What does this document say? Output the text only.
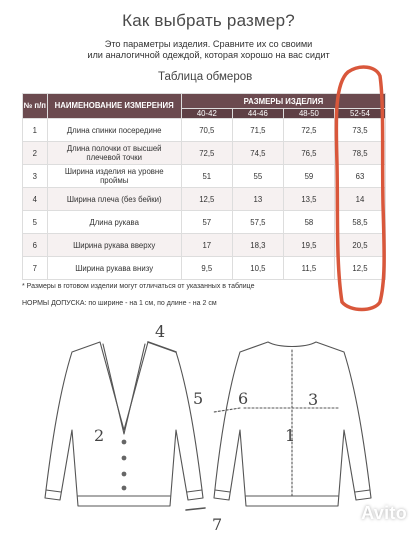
Как выбрать размер?
Это параметры изделия. Сравните их со своими
или аналогичной одеждой, которая хорошо на вас сидит
Таблица обмеров
№ п/п	НАИМЕНОВАНИЕ ИЗМЕРЕНИЯ	РАЗМЕРЫ ИЗДЕЛИЯ			
		40-42	44-46	48-50	52-54
1	Длина спинки посередине	70,5	71,5	72,5	73,5
2	Длина полочки от высшей плечевой точки	72,5	74,5	76,5	78,5
3	Ширина изделия на уровне проймы	51	55	59	63
4	Ширина плеча (без бейки)	12,5	13	13,5	14
5	Длина рукава	57	57,5	58	58,5
6	Ширина рукава вверху	17	18,3	19,5	20,5
7	Ширина рукава внизу	9,5	10,5	11,5	12,5
* Размеры в готовом изделии могут отличаться от указанных в таблице
НОРМЫ ДОПУСКА: по ширине - на 1 см, по длине - на 2 см
1
2
3
4
5 6
7
Avito
